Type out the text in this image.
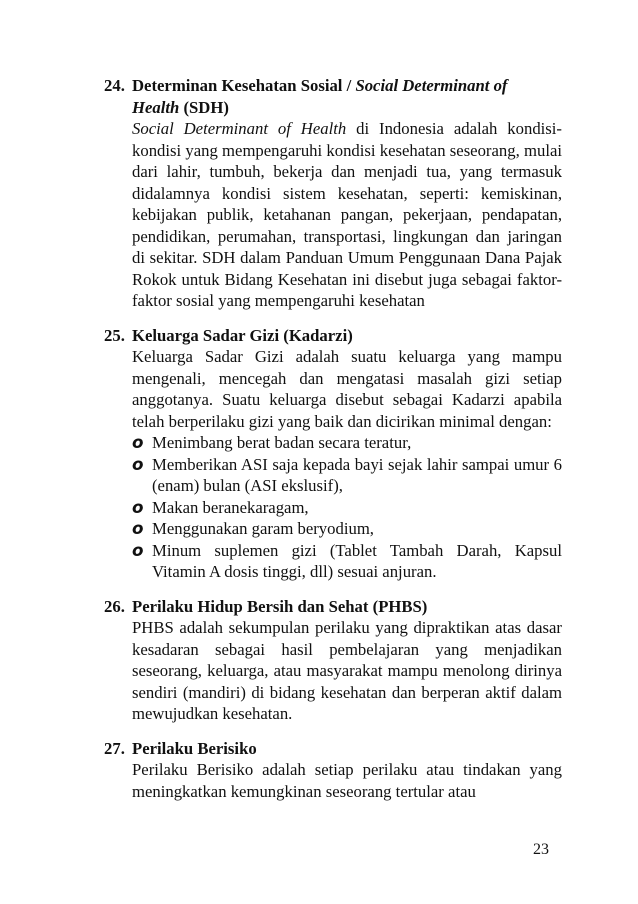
24. Determinan Kesehatan Sosial / Social Determinant of
Health (SDH)

Social Determinant of Health di Indonesia adalah kondisi-kondisi yang mempengaruhi kondisi kesehatan seseorang, mulai dari lahir, tumbuh, bekerja dan menjadi tua, yang termasuk didalamnya kondisi sistem kesehatan, seperti: kemiskinan, kebijakan publik, ketahanan pangan, pekerjaan, pendapatan, pendidikan, perumahan, transportasi, lingkungan dan jaringan di sekitar. SDH dalam Panduan Umum Penggunaan Dana Pajak Rokok untuk Bidang Kesehatan ini disebut juga sebagai faktor-faktor sosial yang mempengaruhi kesehatan

25. Keluarga Sadar Gizi (Kadarzi)

Keluarga Sadar Gizi adalah suatu keluarga yang mampu mengenali, mencegah dan mengatasi masalah gizi setiap anggotanya. Suatu keluarga disebut sebagai Kadarzi apabila telah berperilaku gizi yang baik dan dicirikan minimal dengan:

o Menimbang berat badan secara teratur,
o Memberikan ASI saja kepada bayi sejak lahir sampai umur 6 (enam) bulan (ASI ekslusif),
o Makan beranekaragam,
o Menggunakan garam beryodium,
o Minum suplemen gizi (Tablet Tambah Darah, Kapsul Vitamin A dosis tinggi, dll) sesuai anjuran.
26. Perilaku Hidup Bersih dan Sehat (PHBS)

PHBS adalah sekumpulan perilaku yang dipraktikan atas dasar kesadaran sebagai hasil pembelajaran yang menjadikan seseorang, keluarga, atau masyarakat mampu menolong dirinya sendiri (mandiri) di bidang kesehatan dan berperan aktif dalam mewujudkan kesehatan.

27. Perilaku Berisiko

Perilaku Berisiko adalah setiap perilaku atau tindakan yang meningkatkan kemungkinan seseorang tertular atau

23
